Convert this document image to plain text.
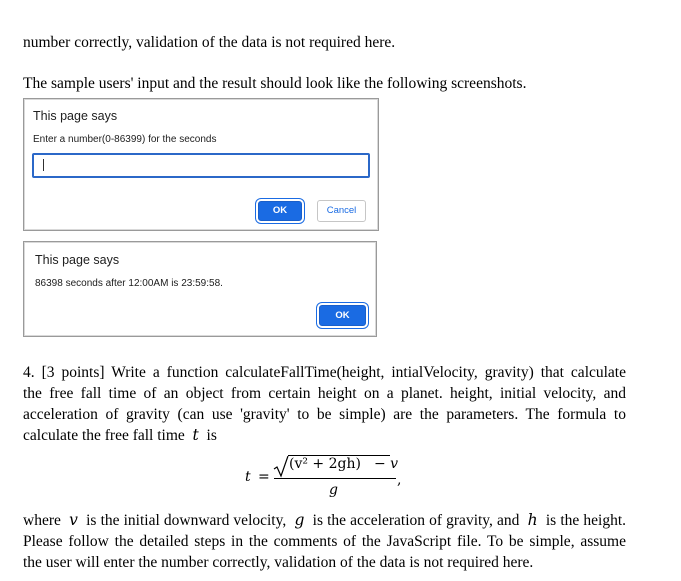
number correctly, validation of the data is not required here.
The sample users' input and the result should look like the following screenshots.
This page says
Enter a number(0-86399) for the seconds
OK	Cancel
This page says
86398 seconds after 12:00AM is 23:59:58.
OK
4. [3 points] Write a function calculateFallTime(height, intialVelocity, gravity) that calculate
the free fall time of an object from certain height on a planet. height, initial velocity, and
acceleration of gravity (can use 'gravity' to be simple) are the parameters. The formula to
calculate the free fall time t is
t =
(v² + 2gh) − v
g
,
where v is the initial downward velocity, g is the acceleration of gravity, and h is the height.
Please follow the detailed steps in the comments of the JavaScript file. To be simple, assume
the user will enter the number correctly, validation of the data is not required here.
